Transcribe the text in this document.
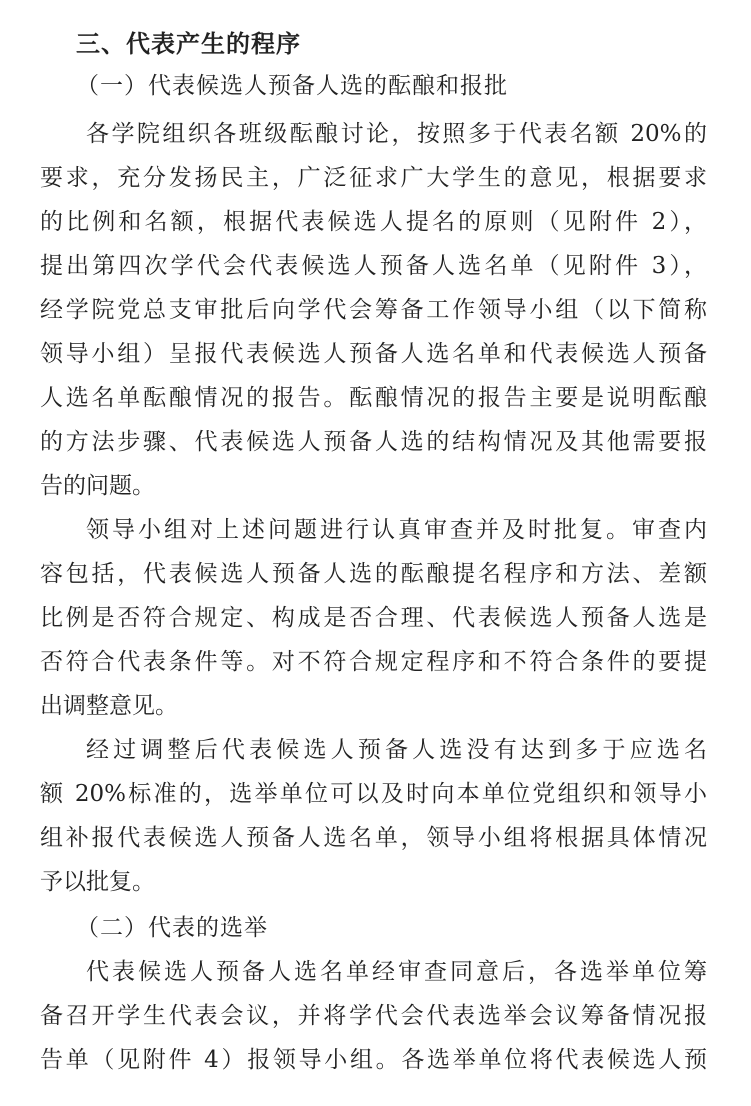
三、代表产生的程序
（一）代表候选人预备人选的酝酿和报批
各学院组织各班级酝酿讨论，按照多于代表名额 20%的
要求，充分发扬民主，广泛征求广大学生的意见，根据要求
的比例和名额，根据代表候选人提名的原则（见附件 2），
提出第四次学代会代表候选人预备人选名单（见附件 3），
经学院党总支审批后向学代会筹备工作领导小组（以下简称
领导小组）呈报代表候选人预备人选名单和代表候选人预备
人选名单酝酿情况的报告。酝酿情况的报告主要是说明酝酿
的方法步骤、代表候选人预备人选的结构情况及其他需要报
告的问题。
领导小组对上述问题进行认真审查并及时批复。审查内
容包括，代表候选人预备人选的酝酿提名程序和方法、差额
比例是否符合规定、构成是否合理、代表候选人预备人选是
否符合代表条件等。对不符合规定程序和不符合条件的要提
出调整意见。
经过调整后代表候选人预备人选没有达到多于应选名
额 20%标准的，选举单位可以及时向本单位党组织和领导小
组补报代表候选人预备人选名单，领导小组将根据具体情况
予以批复。
（二）代表的选举
代表候选人预备人选名单经审查同意后，各选举单位筹
备召开学生代表会议，并将学代会代表选举会议筹备情况报
告单（见附件 4）报领导小组。各选举单位将代表候选人预
